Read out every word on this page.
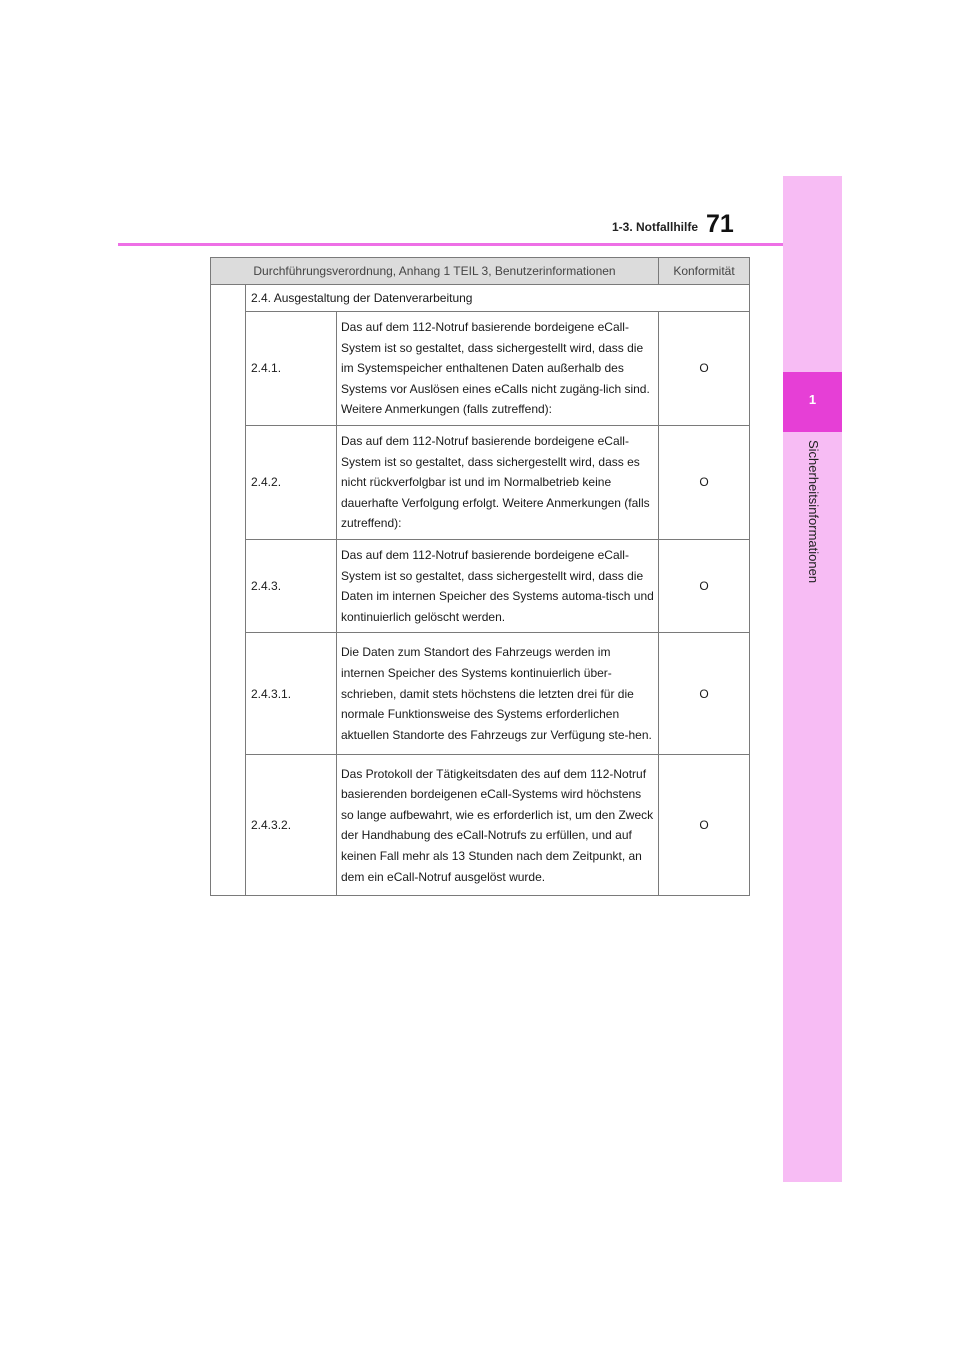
1
Sicherheitsinformationen
1-3. Notfallhilfe 71
Durchführungsverordnung, Anhang 1 TEIL 3, Benutzerinformationen			Konformität
	2.4. Ausgestaltung der Datenverarbeitung		
	2.4.1.	Das auf dem 112-Notruf basierende bordeigene eCall-System ist so gestaltet, dass sichergestellt wird, dass die im Systemspeicher enthaltenen Daten außerhalb des Systems vor Auslösen eines eCalls nicht zugäng-lich sind. Weitere Anmerkungen (falls zutreffend):	O
	2.4.2.	Das auf dem 112-Notruf basierende bordeigene eCall-System ist so gestaltet, dass sichergestellt wird, dass es nicht rückverfolgbar ist und im Normalbetrieb keine dauerhafte Verfolgung erfolgt. Weitere Anmerkungen (falls zutreffend):	O
	2.4.3.	Das auf dem 112-Notruf basierende bordeigene eCall-System ist so gestaltet, dass sichergestellt wird, dass die Daten im internen Speicher des Systems automa-tisch und kontinuierlich gelöscht werden.	O
	2.4.3.1.	Die Daten zum Standort des Fahrzeugs werden im internen Speicher des Systems kontinuierlich über-schrieben, damit stets höchstens die letzten drei für die normale Funktionsweise des Systems erforderlichen aktuellen Standorte des Fahrzeugs zur Verfügung ste-hen.	O
	2.4.3.2.	Das Protokoll der Tätigkeitsdaten des auf dem 112-Notruf basierenden bordeigenen eCall-Systems wird höchstens so lange aufbewahrt, wie es erforderlich ist, um den Zweck der Handhabung des eCall-Notrufs zu erfüllen, und auf keinen Fall mehr als 13 Stunden nach dem Zeitpunkt, an dem ein eCall-Notruf ausgelöst wurde.	O
